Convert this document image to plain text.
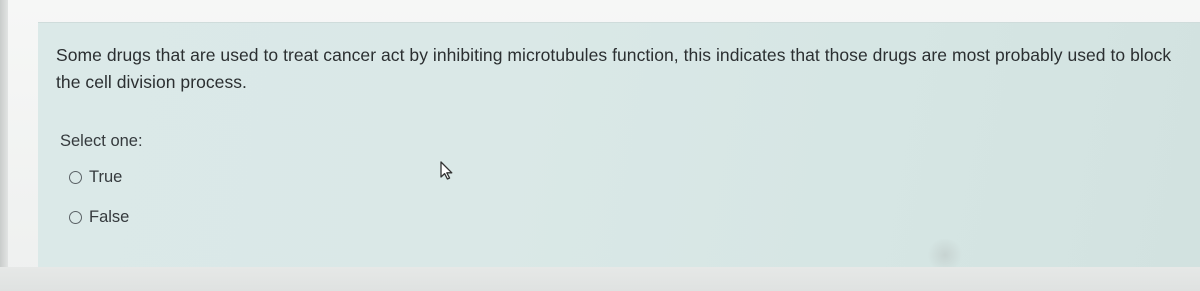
Some drugs that are used to treat cancer act by inhibiting microtubules function, this indicates that those drugs are most probably used to block the cell division process.

Select one:
True
False
